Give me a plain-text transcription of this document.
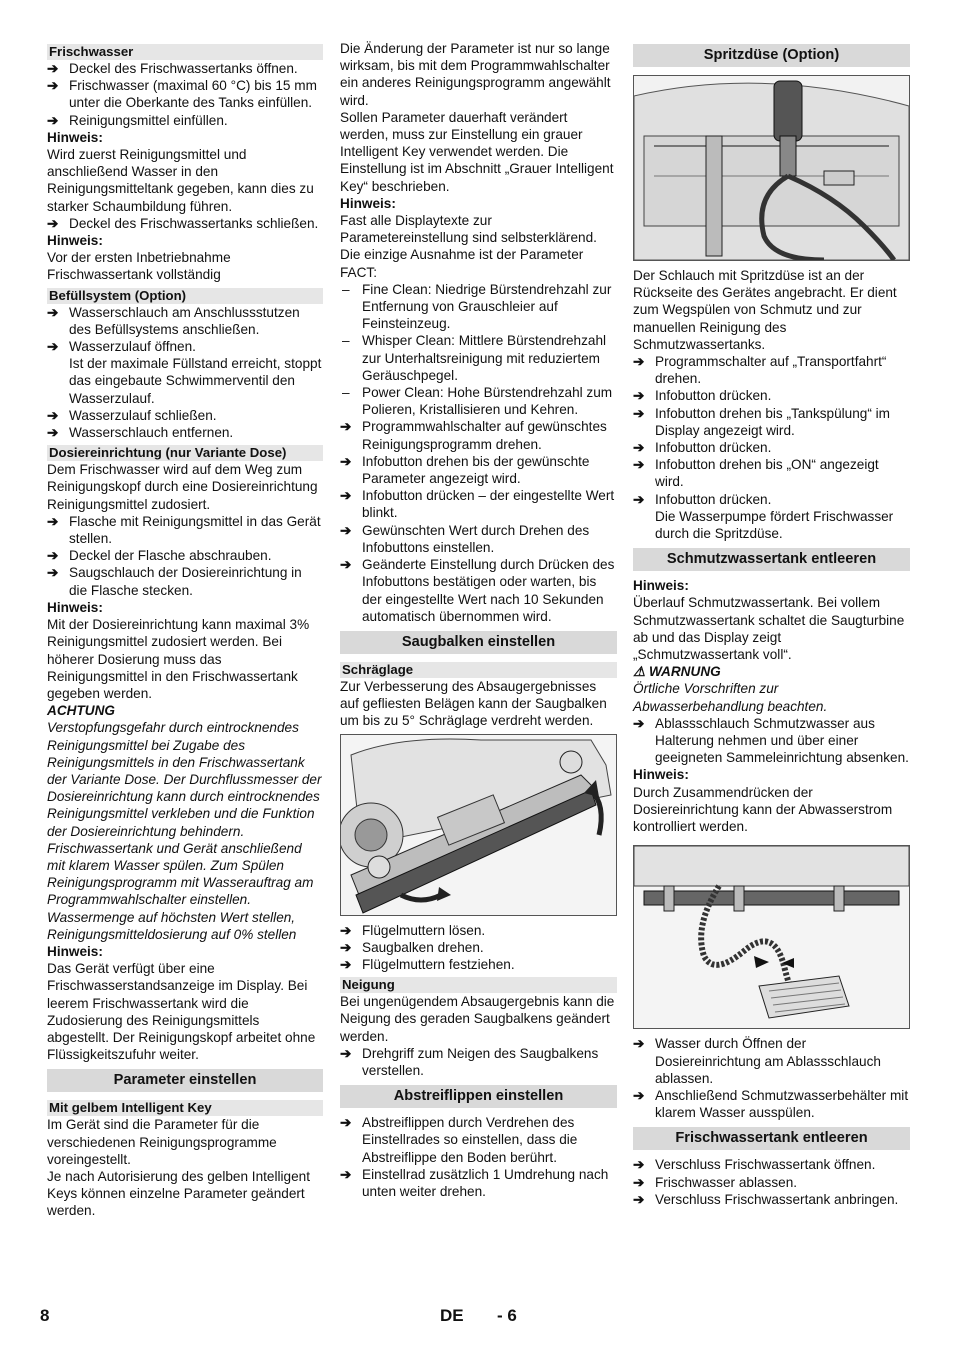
Frischwasser
➔ Deckel des Frischwassertanks öffnen.
➔ Frischwasser (maximal 60 °C) bis 15 mm unter die Oberkante des Tanks einfüllen.
➔ Reinigungsmittel einfüllen.
Hinweis:
Wird zuerst Reinigungsmittel und anschließend Wasser in den Reinigungsmitteltank gegeben, kann dies zu starker Schaumbildung führen.
➔ Deckel des Frischwassertanks schließen.
Hinweis:
Vor der ersten Inbetriebnahme Frischwassertank vollständig
Befüllsystem (Option)
➔ Wasserschlauch am Anschlussstutzen des Befüllsystems anschließen.
➔ Wasserzulauf öffnen.
Ist der maximale Füllstand erreicht, stoppt das eingebaute Schwimmerventil den Wasserzulauf.
➔ Wasserzulauf schließen.
➔ Wasserschlauch entfernen.
Dosiereinrichtung (nur Variante Dose)
Dem Frischwasser wird auf dem Weg zum Reinigungskopf durch eine Dosiereinrichtung Reinigungsmittel zudosiert.
➔ Flasche mit Reinigungsmittel in das Gerät stellen.
➔ Deckel der Flasche abschrauben.
➔ Saugschlauch der Dosiereinrichtung in die Flasche stecken.
Hinweis:
Mit der Dosiereinrichtung kann maximal 3% Reinigungsmittel zudosiert werden. Bei höherer Dosierung muss das Reinigungsmittel in den Frischwassertank gegeben werden.
ACHTUNG
Verstopfungsgefahr durch eintrocknendes Reinigungsmittel bei Zugabe des Reinigungsmittels in den Frischwassertank der Variante Dose. Der Durchflussmesser der Dosiereinrichtung kann durch eintrocknendes Reinigungsmittel verkleben und die Funktion der Dosiereinrichtung behindern. Frischwassertank und Gerät anschließend mit klarem Wasser spülen. Zum Spülen Reinigungsprogramm mit Wasserauftrag am Programmwahlschalter einstellen. Wassermenge auf höchsten Wert stellen, Reinigungsmitteldosierung auf 0% stellen
Hinweis:
Das Gerät verfügt über eine Frischwasserstandsanzeige im Display. Bei leerem Frischwassertank wird die Zudosierung des Reinigungsmittels abgestellt. Der Reinigungskopf arbeitet ohne Flüssigkeitszufuhr weiter.
Parameter einstellen
Mit gelbem Intelligent Key
Im Gerät sind die Parameter für die verschiedenen Reinigungsprogramme voreingestellt.
Je nach Autorisierung des gelben Intelligent Keys können einzelne Parameter geändert werden.
Die Änderung der Parameter ist nur so lange wirksam, bis mit dem Programmwahlschalter ein anderes Reinigungsprogramm angewählt wird.
Sollen Parameter dauerhaft verändert werden, muss zur Einstellung ein grauer Intelligent Key verwendet werden. Die Einstellung ist im Abschnitt „Grauer Intelligent Key“ beschrieben.
Hinweis:
Fast alle Displaytexte zur Parametereinstellung sind selbsterklärend. Die einzige Ausnahme ist der Parameter FACT:
– Fine Clean: Niedrige Bürstendrehzahl zur Entfernung von Grauschleier auf Feinsteinzeug.
– Whisper Clean: Mittlere Bürstendrehzahl zur Unterhaltsreinigung mit reduziertem Geräuschpegel.
– Power Clean: Hohe Bürstendrehzahl zum Polieren, Kristallisieren und Kehren.
➔ Programmwahlschalter auf gewünschtes Reinigungsprogramm drehen.
➔ Infobutton drehen bis der gewünschte Parameter angezeigt wird.
➔ Infobutton drücken – der eingestellte Wert blinkt.
➔ Gewünschten Wert durch Drehen des Infobuttons einstellen.
➔ Geänderte Einstellung durch Drücken des Infobuttons bestätigen oder warten, bis der eingestellte Wert nach 10 Sekunden automatisch übernommen wird.
Saugbalken einstellen
Schräglage
Zur Verbesserung des Absaugergebnisses auf gefliesten Belägen kann der Saugbalken um bis zu 5° Schräglage verdreht werden.
➔ Flügelmuttern lösen.
➔ Saugbalken drehen.
➔ Flügelmuttern festziehen.
Neigung
Bei ungenügendem Absaugergebnis kann die Neigung des geraden Saugbalkens geändert werden.
➔ Drehgriff zum Neigen des Saugbalkens verstellen.
Abstreiflippen einstellen
➔ Abstreiflippen durch Verdrehen des Einstellrades so einstellen, dass die Abstreiflippe den Boden berührt.
➔ Einstellrad zusätzlich 1 Umdrehung nach unten weiter drehen.
Spritzdüse (Option)
Der Schlauch mit Spritzdüse ist an der Rückseite des Gerätes angebracht. Er dient zum Wegspülen von Schmutz und zur manuellen Reinigung des Schmutzwassertanks.
➔ Programmschalter auf „Transportfahrt“ drehen.
➔ Infobutton drücken.
➔ Infobutton drehen bis „Tankspülung“ im Display angezeigt wird.
➔ Infobutton drücken.
➔ Infobutton drehen bis „ON“ angezeigt wird.
➔ Infobutton drücken.
Die Wasserpumpe fördert Frischwasser durch die Spritzdüse.
Schmutzwassertank entleeren
Hinweis:
Überlauf Schmutzwassertank. Bei vollem Schmutzwassertank schaltet die Saugturbine ab und das Display zeigt „Schmutzwassertank voll“.
⚠ WARNUNG
Örtliche Vorschriften zur Abwasserbehandlung beachten.
➔ Ablassschlauch Schmutzwasser aus Halterung nehmen und über einer geeigneten Sammeleinrichtung absenken.
Hinweis:
Durch Zusammendrücken der Dosiereinrichtung kann der Abwasserstrom kontrolliert werden.
➔ Wasser durch Öffnen der Dosiereinrichtung am Ablassschlauch ablassen.
➔ Anschließend Schmutzwasserbehälter mit klarem Wasser ausspülen.
Frischwassertank entleeren
➔ Verschluss Frischwassertank öffnen.
➔ Frischwasser ablassen.
➔ Verschluss Frischwassertank anbringen.
8	DE - 6
